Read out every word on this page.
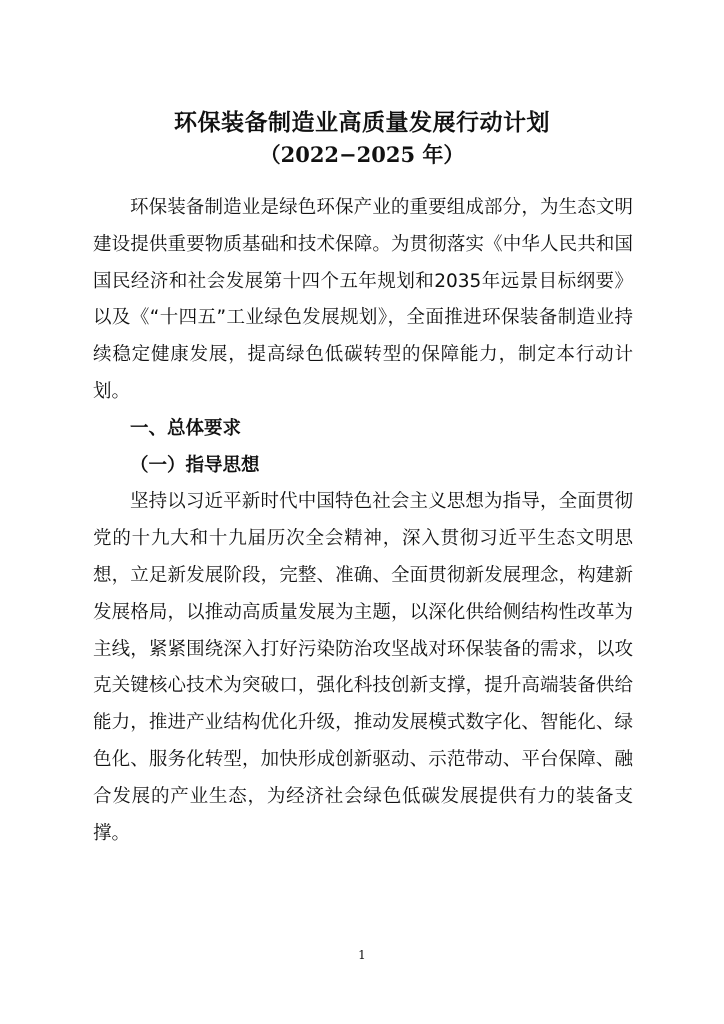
环保装备制造业高质量发展行动计划
（2022−2025 年）

环保装备制造业是绿色环保产业的重要组成部分，为生态文明建设提供重要物质基础和技术保障。为贯彻落实《中华人民共和国国民经济和社会发展第十四个五年规划和2035年远景目标纲要》以及《“十四五”工业绿色发展规划》，全面推进环保装备制造业持续稳定健康发展，提高绿色低碳转型的保障能力，制定本行动计划。

一、总体要求

（一）指导思想

坚持以习近平新时代中国特色社会主义思想为指导，全面贯彻党的十九大和十九届历次全会精神，深入贯彻习近平生态文明思想，立足新发展阶段，完整、准确、全面贯彻新发展理念，构建新发展格局，以推动高质量发展为主题，以深化供给侧结构性改革为主线，紧紧围绕深入打好污染防治攻坚战对环保装备的需求，以攻克关键核心技术为突破口，强化科技创新支撑，提升高端装备供给能力，推进产业结构优化升级，推动发展模式数字化、智能化、绿色化、服务化转型，加快形成创新驱动、示范带动、平台保障、融合发展的产业生态，为经济社会绿色低碳发展提供有力的装备支撑。

1
